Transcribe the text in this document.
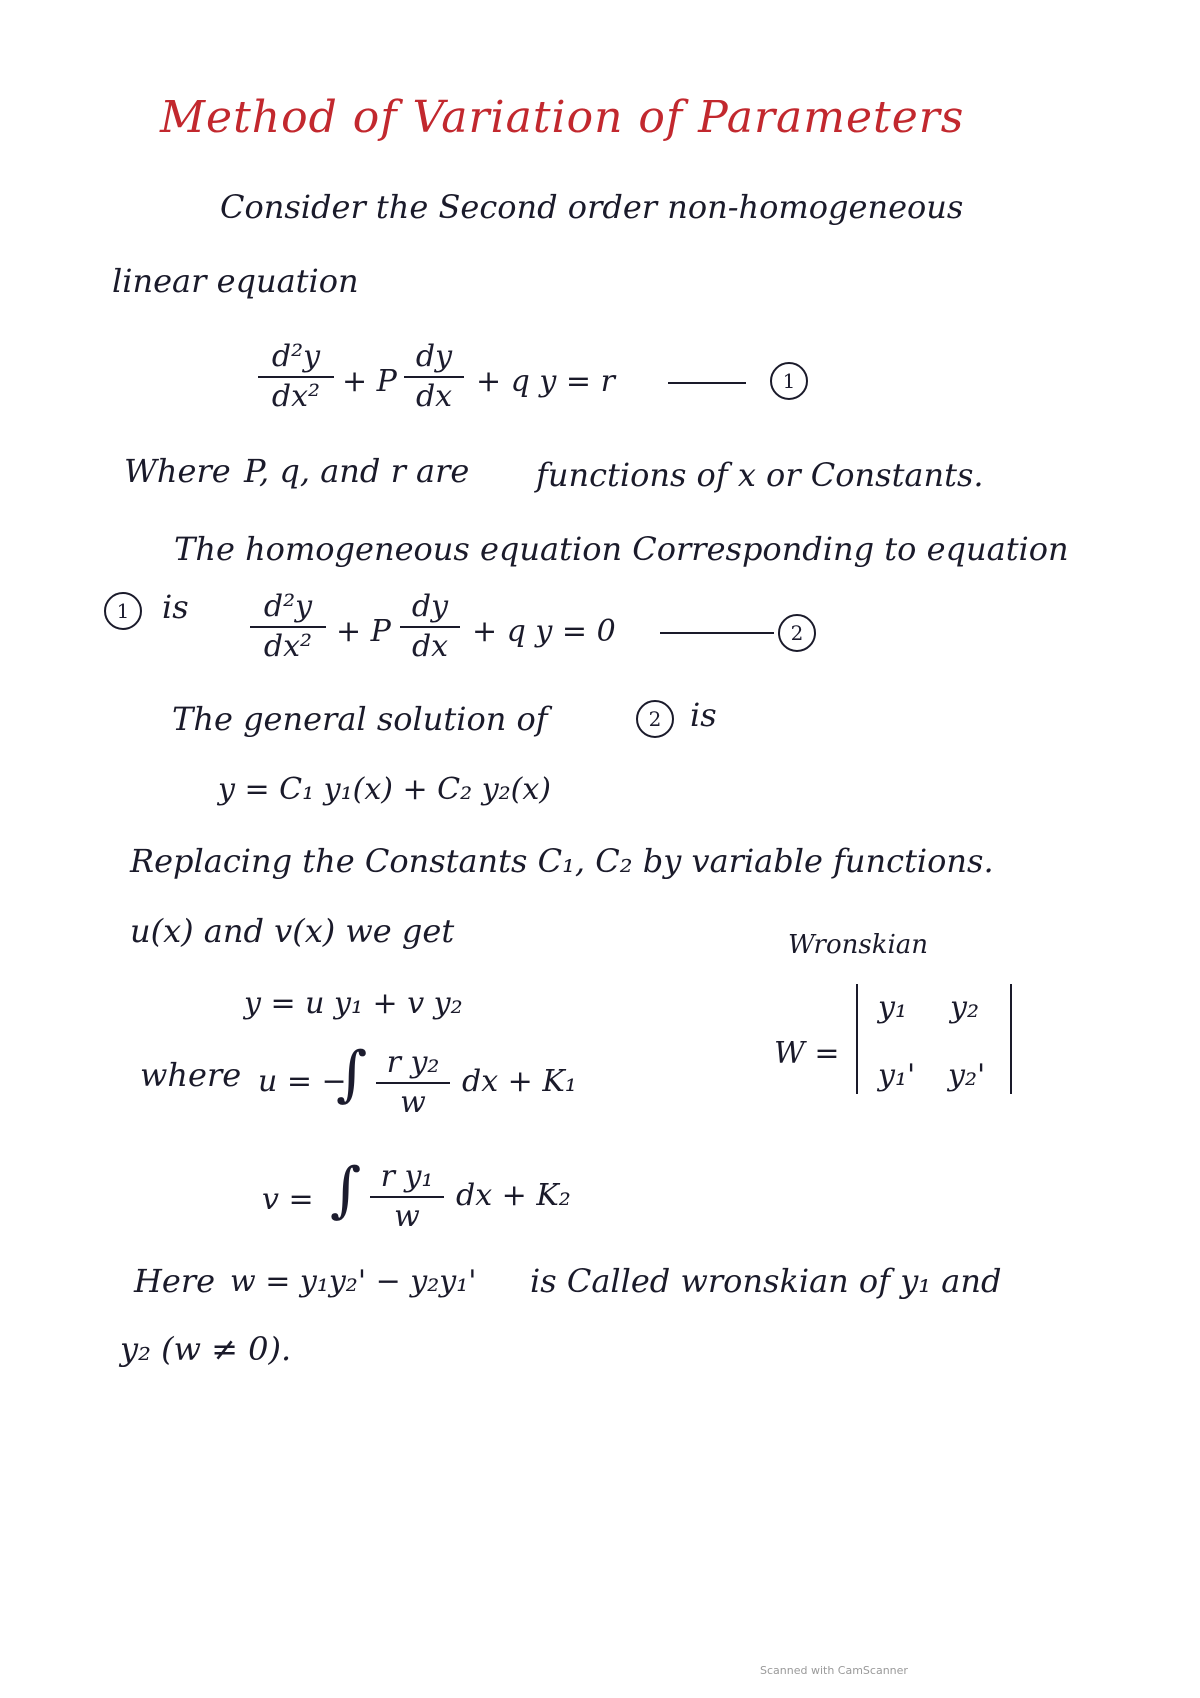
Method of Variation of Parameters
Consider the Second order non-homogeneous
linear equation
d²y
dx² + P
dy
dx + q y = r	1
Where P, q, and r are functions of x or Constants.
The homogeneous equation Corresponding to equation
1	is	d²y
dx² + P
dy
dx + q y = 0	2
The general solution of	2 is
y = C₁ y₁(x) + C₂ y₂(x)
Replacing the Constants C₁, C₂ by variable functions.
u(x) and v(x) we get	Wronskian
W =
y₁ y₂
y₁' y₂'
y = u y₁ + v y₂
where u = −
∫ r y₂
w
dx + K₁
v = ∫ r y₁
w
dx + K₂
Here w = y₁y₂' − y₂y₁' is Called wronskian of y₁ and
y₂ (w ≠ 0).
Scanned with CamScanner
